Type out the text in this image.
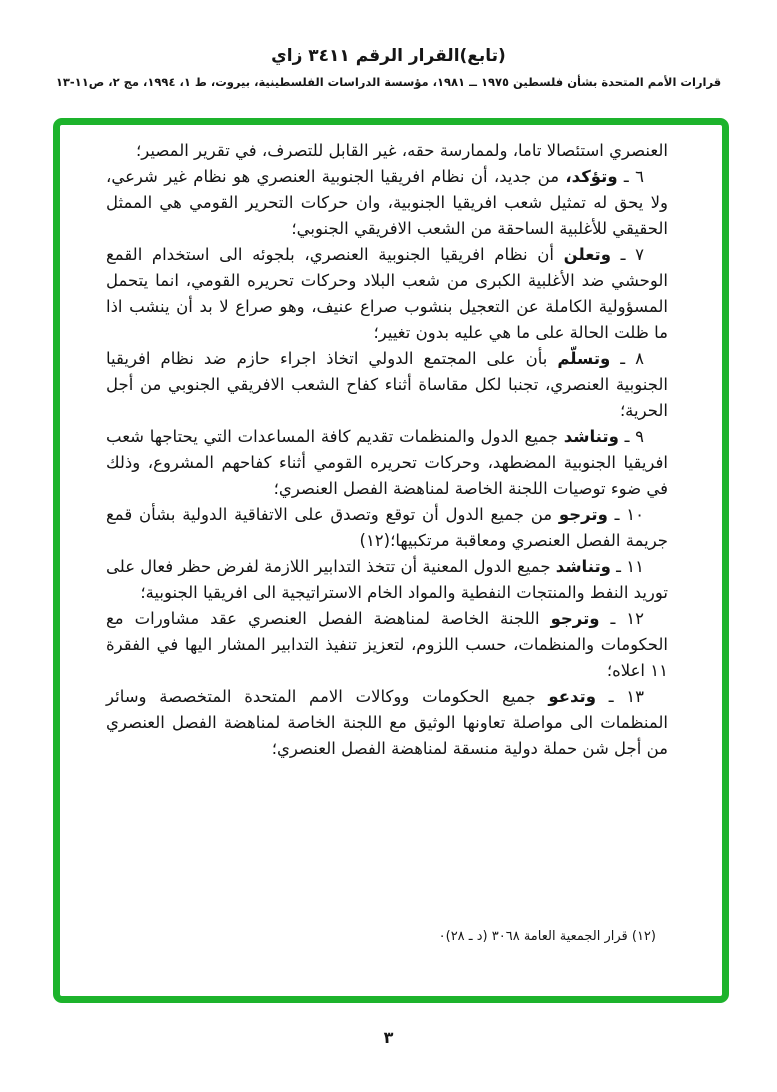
(تابع)القرار الرقم ٣٤١١ زاي
قرارات الأمم المتحدة بشأن فلسطين ١٩٧٥ ــ ١٩٨١، مؤسسة الدراسات الفلسطينية، بيروت، ط ١، ١٩٩٤، مج ٢، ص١١-١٣

العنصري استئصالا تاما، ولممارسة حقه، غير القابل للتصرف، في تقرير المصير؛

٦ ـ وتؤكد، من جديد، أن نظام افريقيا الجنوبية العنصري هو نظام غير شرعي، ولا يحق له تمثيل شعب افريقيا الجنوبية، وان حركات التحرير القومي هي الممثل الحقيقي للأغلبية الساحقة من الشعب الافريقي الجنوبي؛

٧ ـ وتعلن أن نظام افريقيا الجنوبية العنصري، بلجوئه الى استخدام القمع الوحشي ضد الأغلبية الكبرى من شعب البلاد وحركات تحريره القومي، انما يتحمل المسؤولية الكاملة عن التعجيل بنشوب صراع عنيف، وهو صراع لا بد أن ينشب اذا ما ظلت الحالة على ما هي عليه بدون تغيير؛

٨ ـ وتسلّم بأن على المجتمع الدولي اتخاذ اجراء حازم ضد نظام افريقيا الجنوبية العنصري، تجنبا لكل مقاساة أثناء كفاح الشعب الافريقي الجنوبي من أجل الحرية؛

٩ ـ وتناشد جميع الدول والمنظمات تقديم كافة المساعدات التي يحتاجها شعب افريقيا الجنوبية المضطهد، وحركات تحريره القومي أثناء كفاحهم المشروع، وذلك في ضوء توصيات اللجنة الخاصة لمناهضة الفصل العنصري؛

١٠ ـ وترجو من جميع الدول أن توقع وتصدق على الاتفاقية الدولية بشأن قمع جريمة الفصل العنصري ومعاقبة مرتكبيها؛(١٢)

١١ ـ وتناشد جميع الدول المعنية أن تتخذ التدابير اللازمة لفرض حظر فعال على توريد النفط والمنتجات النفطية والمواد الخام الاستراتيجية الى افريقيا الجنوبية؛

١٢ ـ وترجو اللجنة الخاصة لمناهضة الفصل العنصري عقد مشاورات مع الحكومات والمنظمات، حسب اللزوم، لتعزيز تنفيذ التدابير المشار اليها في الفقرة ١١ اعلاه؛

١٣ ـ وتدعو جميع الحكومات ووكالات الامم المتحدة المتخصصة وسائر المنظمات الى مواصلة تعاونها الوثيق مع اللجنة الخاصة لمناهضة الفصل العنصري من أجل شن حملة دولية منسقة لمناهضة الفصل العنصري؛

(١٢) قرار الجمعية العامة ٣٠٦٨ (د ـ ٢٨)٠
٣
